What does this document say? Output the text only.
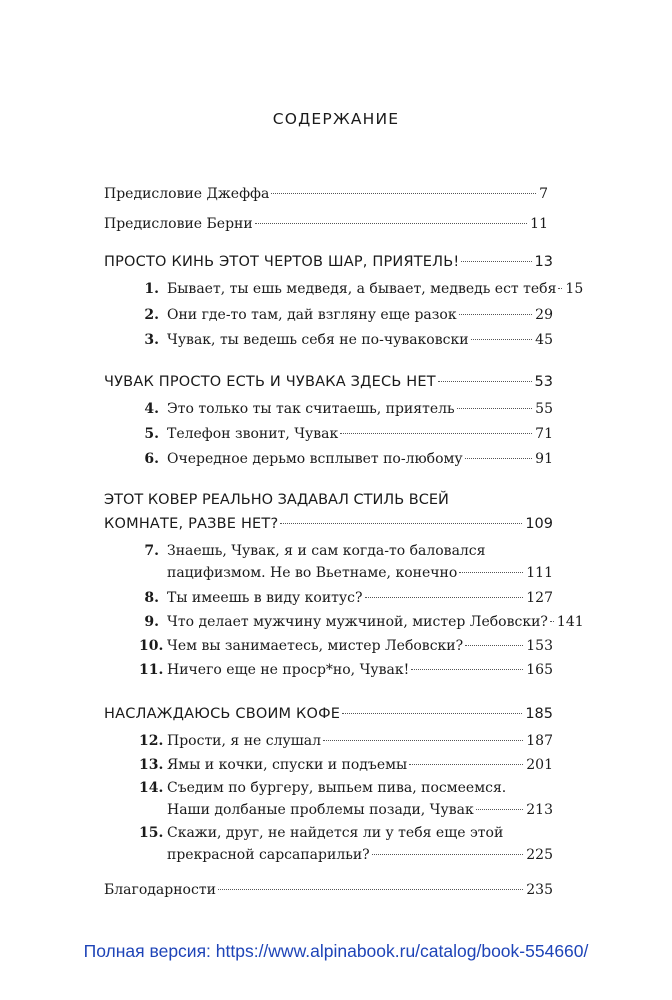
СОДЕРЖАНИЕ
Предисловие Джеффа	7
Предисловие Берни	11
ПРОСТО КИНЬ ЭТОТ ЧЕРТОВ ШАР, ПРИЯТЕЛЬ!	13
1. Бывает, ты ешь медведя, а бывает, медведь ест тебя 15
2. Они где-то там, дай взгляну еще разок	29
3. Чувак, ты ведешь себя не по-чуваковски	45
ЧУВАК ПРОСТО ЕСТЬ И ЧУВАКА ЗДЕСЬ НЕТ	53
4. Это только ты так считаешь, приятель	55
5. Телефон звонит, Чувак	71
6. Очередное дерьмо всплывет по-любому	91
ЭТОТ КОВЕР РЕАЛЬНО ЗАДАВАЛ СТИЛЬ ВСЕЙ
КОМНАТЕ, РАЗВЕ НЕТ?	109
7. Знаешь, Чувак, я и сам когда-то баловался
пацифизмом. Не во Вьетнаме, конечно	111
8. Ты имеешь в виду коитус?	127
9. Что делает мужчину мужчиной, мистер Лебовски? 141
10. Чем вы занимаетесь, мистер Лебовски?	153
11. Ничего еще не проср*но, Чувак!	165
НАСЛАЖДАЮСЬ СВОИМ КОФЕ	185
12. Прости, я не слушал	187
13. Ямы и кочки, спуски и подъемы	201
14. Съедим по бургеру, выпьем пива, посмеемся.
Наши долбаные проблемы позади, Чувак	213
15. Скажи, друг, не найдется ли у тебя еще этой
прекрасной сарсапарильи?	225
Благодарности	235
Полная версия: https://www.alpinabook.ru/catalog/book-554660/
